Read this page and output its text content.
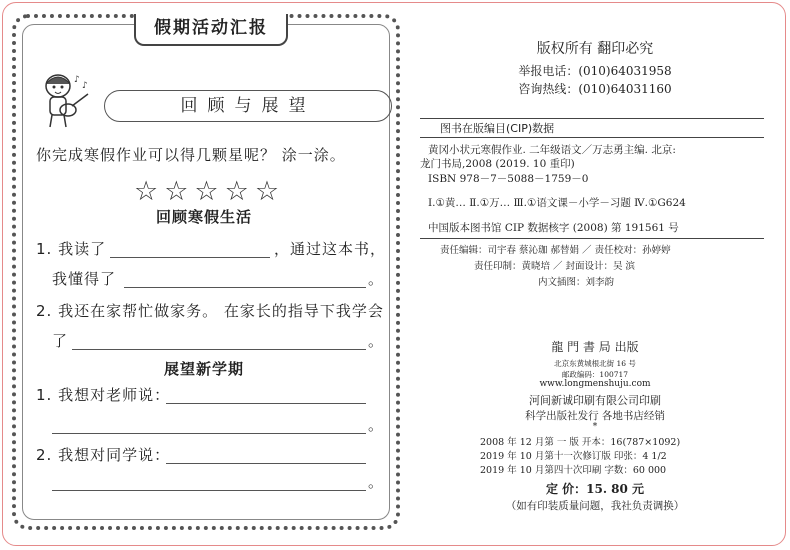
假期活动汇报
♪
♪
回顾与展望
你完成寒假作业可以得几颗星呢？ 涂一涂。
☆☆☆☆☆
回顾寒假生活
1. 我读了	，通过这本书，
我懂得了	。
2. 我还在家帮忙做家务。 在家长的指导下我学会
了	。
展望新学期
1. 我想对老师说：
。
2. 我想对同学说：
。
版权所有 翻印必究
举报电话：(010)64031958
咨询热线：(010)64031160
图书在版编目(CIP)数据
黄冈小状元寒假作业. 二年级语文／万志勇主编. 北京:
龙门书局,2008 (2019. 10 重印)
ISBN 978－7－5088－1759－0
Ⅰ.①黄… Ⅱ.①万… Ⅲ.①语文课－小学－习题 Ⅳ.①G624
中国版本图书馆 CIP 数据核字 (2008) 第 191561 号
责任编辑：司宇春 蔡沁珈 郝替娟 ／ 责任校对：孙婷婷
责任印制：黄晓培 ／ 封面设计：吴 滨
内文插图：刘李韵
龍 門 書 局 出版
北京东黄城根北街 16 号
邮政编码：100717
www.longmenshuju.com
河间新诚印刷有限公司印刷
科学出版社发行 各地书店经销
*
2008 年 12 月第 一 版 开本：16(787×1092)
2019 年 10 月第十一次修订版 印张：4 1/2
2019 年 10 月第四十次印刷 字数：60 000
定 价：15. 80 元
（如有印装质量问题，我社负责调换）
